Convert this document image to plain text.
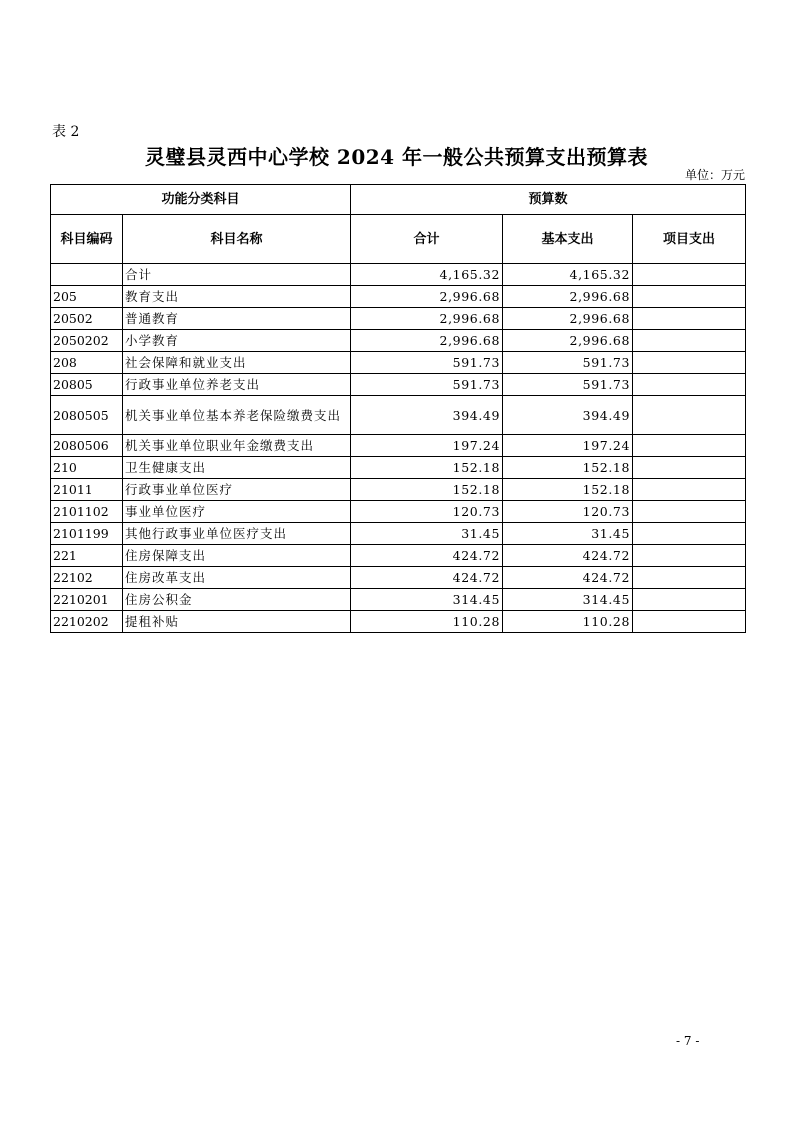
表 2
灵璧县灵西中心学校 2024 年一般公共预算支出预算表
单位：万元
功能分类科目		预算数		
科目编码	科目名称	合计	基本支出	项目支出
	合计	4,165.32	4,165.32	
205	教育支出	2,996.68	2,996.68	
20502	普通教育	2,996.68	2,996.68	
2050202	小学教育	2,996.68	2,996.68	
208	社会保障和就业支出	591.73	591.73	
20805	行政事业单位养老支出	591.73	591.73	
2080505	机关事业单位基本养老保险缴费支出	394.49	394.49	
2080506	机关事业单位职业年金缴费支出	197.24	197.24	
210	卫生健康支出	152.18	152.18	
21011	行政事业单位医疗	152.18	152.18	
2101102	事业单位医疗	120.73	120.73	
2101199	其他行政事业单位医疗支出	31.45	31.45	
221	住房保障支出	424.72	424.72	
22102	住房改革支出	424.72	424.72	
2210201	住房公积金	314.45	314.45	
2210202	提租补贴	110.28	110.28	
- 7 -
